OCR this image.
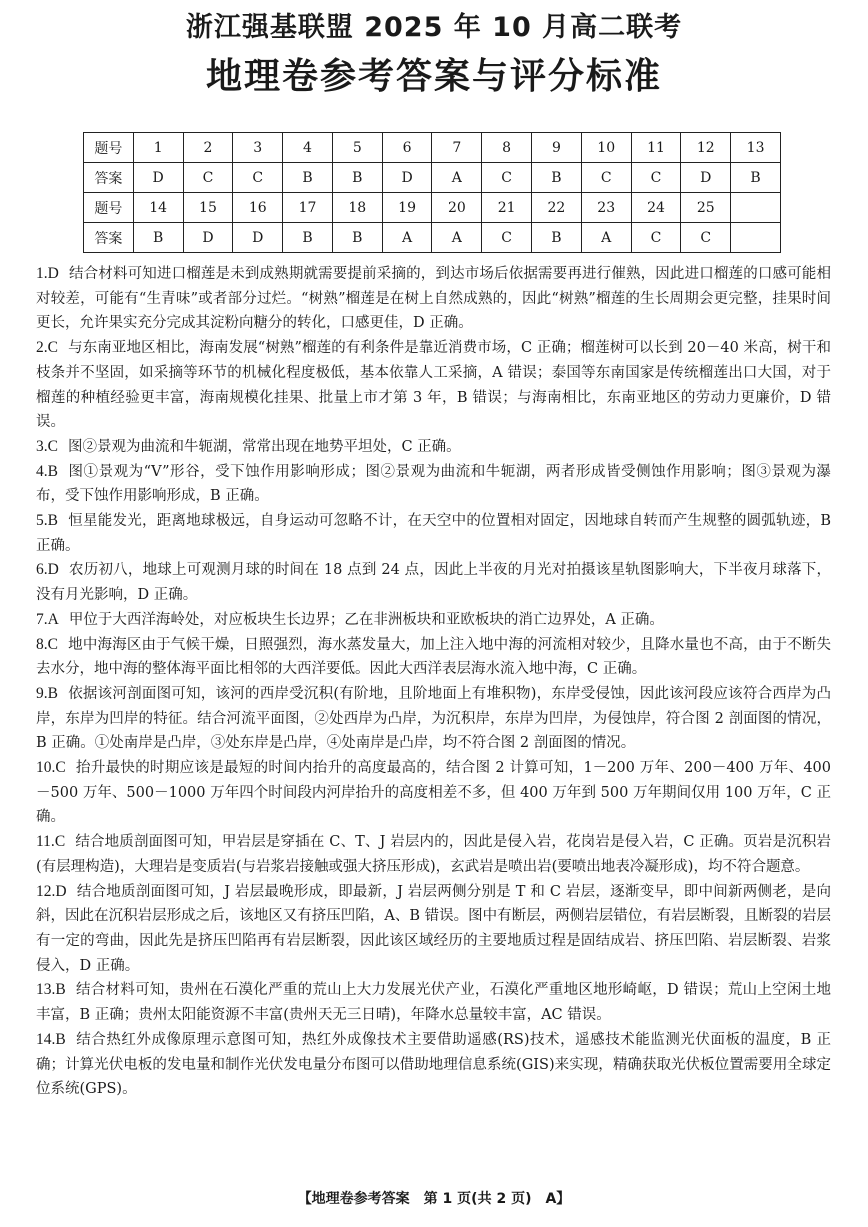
浙江强基联盟 2025 年 10 月高二联考
地理卷参考答案与评分标准
题号	1	2	3	4	5	6	7	8	9	10	11	12	13
答案	D	C	C	B	B	D	A	C	B	C	C	D	B
题号	14	15	16	17	18	19	20	21	22	23	24	25	
答案	B	D	D	B	B	A	A	C	B	A	C	C	

1.D 结合材料可知进口榴莲是未到成熟期就需要提前采摘的，到达市场后依据需要再进行催熟，因此进口榴莲的口感可能相对较差，可能有“生青味”或者部分过烂。“树熟”榴莲是在树上自然成熟的，因此“树熟”榴莲的生长周期会更完整，挂果时间更长，允许果实充分完成其淀粉向糖分的转化，口感更佳，D 正确。

2.C 与东南亚地区相比，海南发展“树熟”榴莲的有利条件是靠近消费市场，C 正确；榴莲树可以长到 20－40 米高，树干和枝条并不坚固，如采摘等环节的机械化程度极低，基本依靠人工采摘，A 错误；泰国等东南国家是传统榴莲出口大国，对于榴莲的种植经验更丰富，海南规模化挂果、批量上市才第 3 年，B 错误；与海南相比，东南亚地区的劳动力更廉价，D 错误。

3.C 图②景观为曲流和牛轭湖，常常出现在地势平坦处，C 正确。

4.B 图①景观为“V”形谷，受下蚀作用影响形成；图②景观为曲流和牛轭湖，两者形成皆受侧蚀作用影响；图③景观为瀑布，受下蚀作用影响形成，B 正确。

5.B 恒星能发光，距离地球极远，自身运动可忽略不计，在天空中的位置相对固定，因地球自转而产生规整的圆弧轨迹，B 正确。

6.D 农历初八，地球上可观测月球的时间在 18 点到 24 点，因此上半夜的月光对拍摄该星轨图影响大，下半夜月球落下，没有月光影响，D 正确。

7.A 甲位于大西洋海岭处，对应板块生长边界；乙在非洲板块和亚欧板块的消亡边界处，A 正确。

8.C 地中海海区由于气候干燥，日照强烈，海水蒸发量大，加上注入地中海的河流相对较少，且降水量也不高，由于不断失去水分，地中海的整体海平面比相邻的大西洋要低。因此大西洋表层海水流入地中海，C 正确。

9.B 依据该河剖面图可知，该河的西岸受沉积(有阶地，且阶地面上有堆积物)，东岸受侵蚀，因此该河段应该符合西岸为凸岸，东岸为凹岸的特征。结合河流平面图，②处西岸为凸岸，为沉积岸，东岸为凹岸，为侵蚀岸，符合图 2 剖面图的情况，B 正确。①处南岸是凸岸，③处东岸是凸岸，④处南岸是凸岸，均不符合图 2 剖面图的情况。

10.C 抬升最快的时期应该是最短的时间内抬升的高度最高的，结合图 2 计算可知，1－200 万年、200－400 万年、400－500 万年、500－1000 万年四个时间段内河岸抬升的高度相差不多，但 400 万年到 500 万年期间仅用 100 万年，C 正确。

11.C 结合地质剖面图可知，甲岩层是穿插在 C、T、J 岩层内的，因此是侵入岩，花岗岩是侵入岩，C 正确。页岩是沉积岩(有层理构造)，大理岩是变质岩(与岩浆岩接触或强大挤压形成)，玄武岩是喷出岩(要喷出地表冷凝形成)，均不符合题意。

12.D 结合地质剖面图可知，J 岩层最晚形成，即最新，J 岩层两侧分别是 T 和 C 岩层，逐渐变早，即中间新两侧老，是向斜，因此在沉积岩层形成之后，该地区又有挤压凹陷，A、B 错误。图中有断层，两侧岩层错位，有岩层断裂，且断裂的岩层有一定的弯曲，因此先是挤压凹陷再有岩层断裂，因此该区域经历的主要地质过程是固结成岩、挤压凹陷、岩层断裂、岩浆侵入，D 正确。

13.B 结合材料可知，贵州在石漠化严重的荒山上大力发展光伏产业，石漠化严重地区地形崎岖，D 错误；荒山上空闲土地丰富，B 正确；贵州太阳能资源不丰富(贵州天无三日晴)，年降水总量较丰富，AC 错误。

14.B 结合热红外成像原理示意图可知，热红外成像技术主要借助遥感(RS)技术，遥感技术能监测光伏面板的温度，B 正确；计算光伏电板的发电量和制作光伏发电量分布图可以借助地理信息系统(GIS)来实现，精确获取光伏板位置需要用全球定位系统(GPS)。

【地理卷参考答案　第 1 页(共 2 页)　A】
